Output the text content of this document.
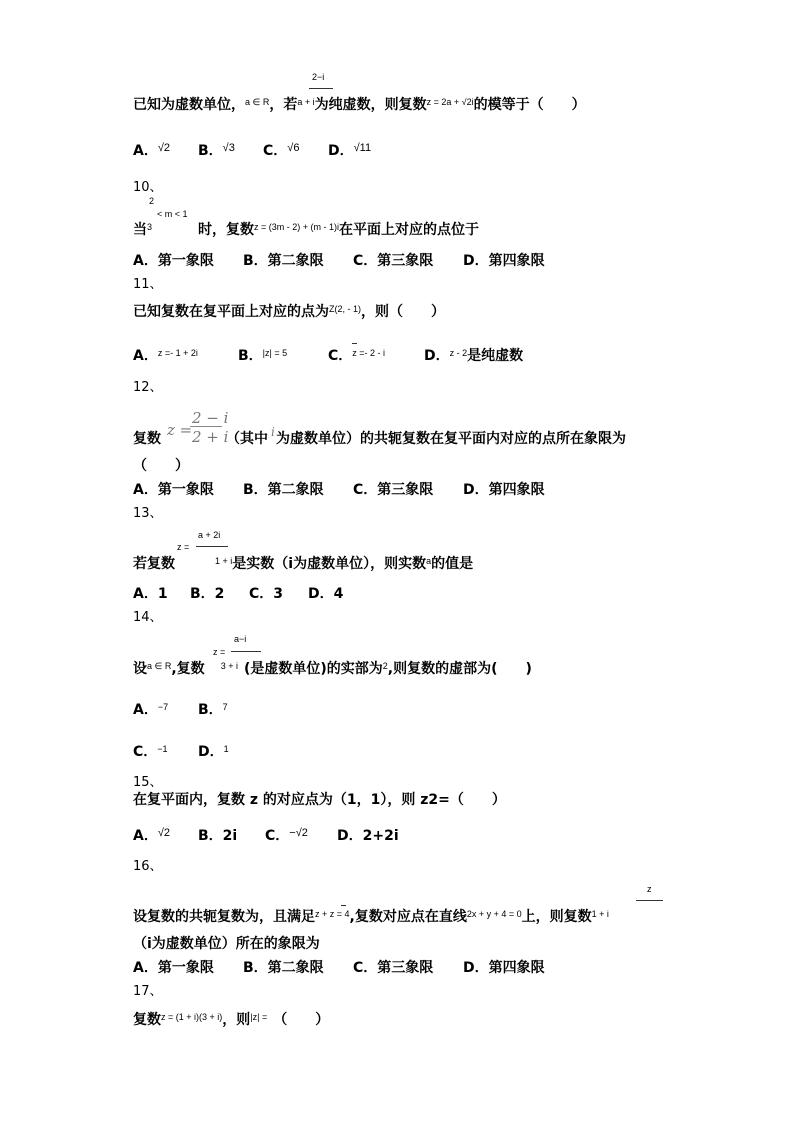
2−i
已知为虚数单位，$^{a \in R}$，若$^{a + i}$为纯虚数，则复数$^{z = 2a + √2i}$的模等于（　　）
A．$^{√2}$ B．$^{√3}$ C．$^{√6}$ D．$^{√11}$
10、
2
< m < 1
当$^3$	时，复数$^{z = (3m - 2) + (m - 1)i}$在平面上对应的点位于
A．第一象限 B．第二象限 C．第三象限 D．第四象限
11、
已知复数在复平面上对应的点为$^{Z(2, - 1)}$，则（　　）
A．$^{z =- 1 + 2i}$	B．$^{|z| = 5}$	C．$^{z =- 2 - i}$	D．$^{z - 2}$是纯虚数
12、
z =
2 − i
2 + i	i
复数	（其中 为虚数单位）的共轭复数在复平面内对应的点所在象限为
（　　）
A．第一象限 B．第二象限 C．第三象限 D．第四象限
13、
a + 2i
z =
若复数	$^{1 + i}$是实数（i为虚数单位），则实数$^a$的值是
A．1 B．2 C．3 D．4
14、
a−i
z =
设$^{a \in R}$,复数 $^{3 + i}$ (是虚数单位)的实部为$^2$,则复数的虚部为(　　)
A．$^{-7}$ B．$^7$
C．$^{-1}$ D．$^1$
15、
在复平面内，复数 z 的对应点为（1，1），则 z2=（　　）
A．$^{√2}$ B．2i C．$^{-√2}$ D．2+2i
16、
z
设复数的共轭复数为，且满足$^{z + z = 4}$,复数对应点在直线$^{2x + y + 4 = 0}$上，则复数$^{1 + i}$
（i为虚数单位）所在的象限为
A．第一象限 B．第二象限 C．第三象限 D．第四象限
17、
复数$^{z = (1 + i)(3 + i)}$，则$^{|z| =}$ （　　）
